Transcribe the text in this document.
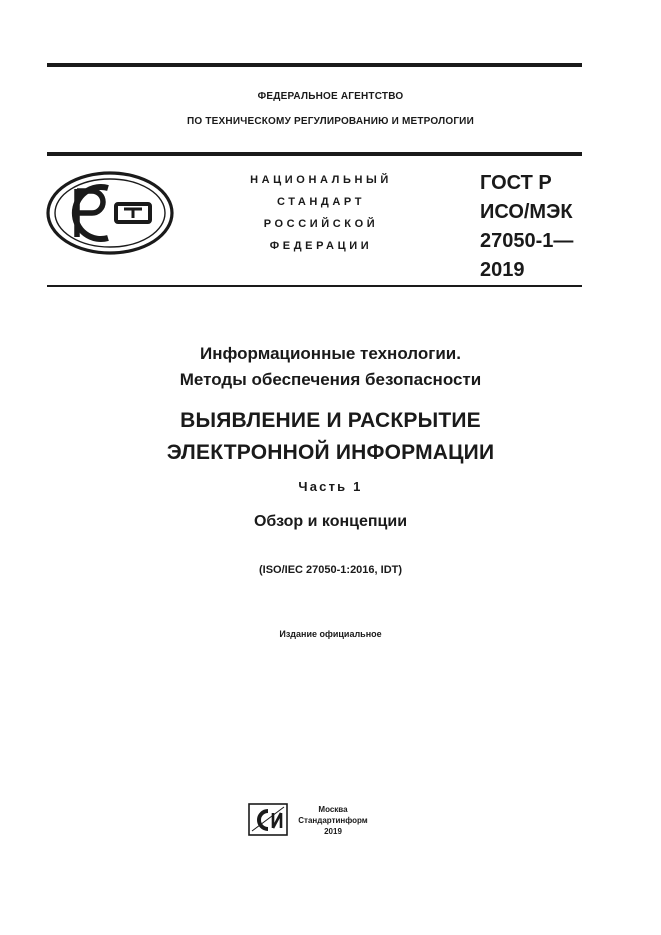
ФЕДЕРАЛЬНОЕ АГЕНТСТВО
ПО ТЕХНИЧЕСКОМУ РЕГУЛИРОВАНИЮ И МЕТРОЛОГИИ
НАЦИОНАЛЬНЫЙ
СТАНДАРТ
РОССИЙСКОЙ
ФЕДЕРАЦИИ
ГОСТ Р
ИСО/МЭК
27050-1—
2019
Информационные технологии.
Методы обеспечения безопасности
ВЫЯВЛЕНИЕ И РАСКРЫТИЕ
ЭЛЕКТРОННОЙ ИНФОРМАЦИИ
Часть 1
Обзор и концепции
(ISO/IEC 27050-1:2016, IDT)
Издание официальное
Москва
Стандартинформ
2019
